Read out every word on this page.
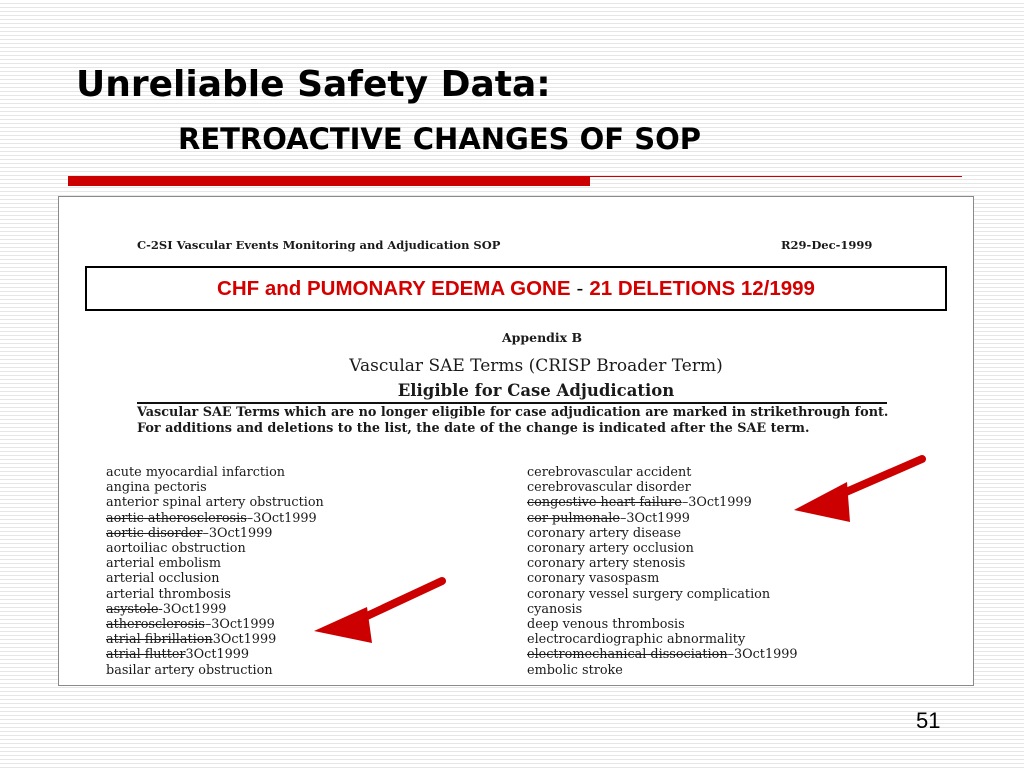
Unreliable Safety Data:
RETROACTIVE CHANGES OF SOP
C-2SI Vascular Events Monitoring and Adjudication SOP	R29-Dec-1999
CHF and PUMONARY EDEMA GONE - 21 DELETIONS 12/1999
Appendix B
Vascular SAE Terms (CRISP Broader Term)
Eligible for Case Adjudication
Vascular SAE Terms which are no longer eligible for case adjudication are marked in strikethrough font. For additions and deletions to the list, the date of the change is indicated after the SAE term.
acute myocardial infarction
angina pectoris
anterior spinal artery obstruction
aortic atherosclerosis–3Oct1999
aortic disorder–3Oct1999
aortoiliac obstruction
arterial embolism
arterial occlusion
arterial thrombosis
asystole-3Oct1999
atherosclerosis–3Oct1999
atrial fibrillation3Oct1999
atrial flutter3Oct1999
basilar artery obstruction
cerebrovascular accident
cerebrovascular disorder
congestive heart failure–3Oct1999
cor pulmonale–3Oct1999
coronary artery disease
coronary artery occlusion
coronary artery stenosis
coronary vasospasm
coronary vessel surgery complication
cyanosis
deep venous thrombosis
electrocardiographic abnormality
electromechanical dissociation–3Oct1999
embolic stroke
51
